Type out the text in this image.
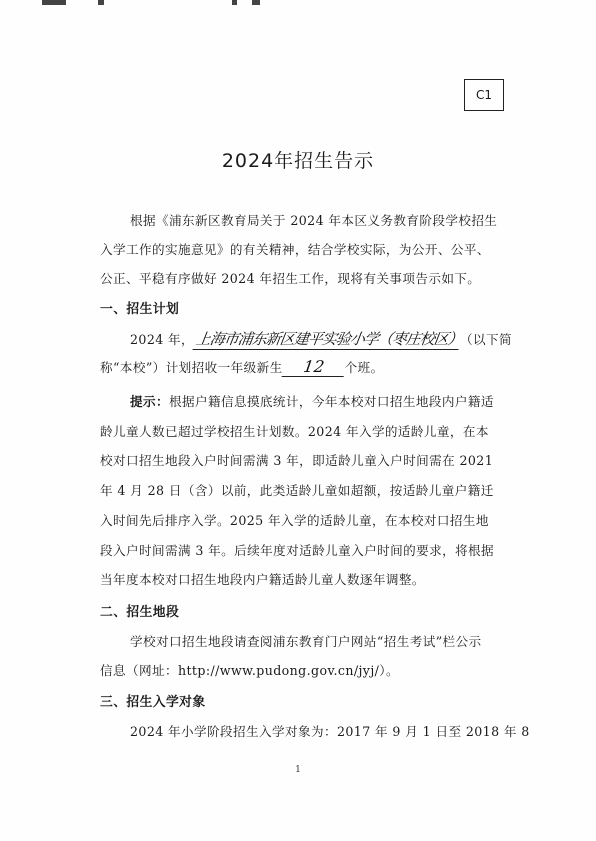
C1
2024年招生告示
根据《浦东新区教育局关于 2024 年本区义务教育阶段学校招生
入学工作的实施意见》的有关精神，结合学校实际，为公开、公平、
公正、平稳有序做好 2024 年招生工作，现将有关事项告示如下。
一、招生计划
2024 年，上海市浦东新区建平实验小学（枣庄校区）（以下简
称“本校”）计划招收一年级新生 12 个班。
提示：根据户籍信息摸底统计，今年本校对口招生地段内户籍适
龄儿童人数已超过学校招生计划数。2024 年入学的适龄儿童，在本
校对口招生地段入户时间需满 3 年，即适龄儿童入户时间需在 2021
年 4 月 28 日（含）以前，此类适龄儿童如超额，按适龄儿童户籍迁
入时间先后排序入学。2025 年入学的适龄儿童，在本校对口招生地
段入户时间需满 3 年。后续年度对适龄儿童入户时间的要求，将根据
当年度本校对口招生地段内户籍适龄儿童人数逐年调整。
二、招生地段
学校对口招生地段请查阅浦东教育门户网站“招生考试”栏公示
信息（网址：http://www.pudong.gov.cn/jyj/）。
三、招生入学对象
2024 年小学阶段招生入学对象为：2017 年 9 月 1 日至 2018 年 8
1
